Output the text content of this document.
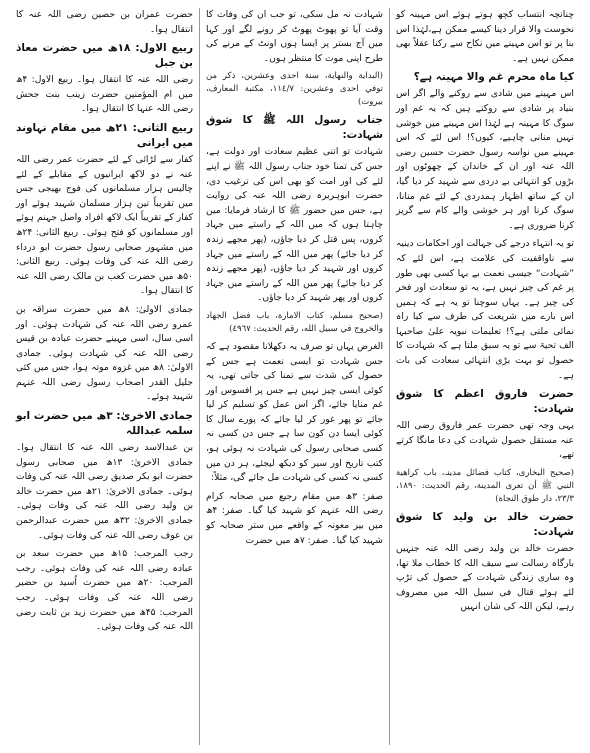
چنانچہ انتساب کچھ ہوتے ہوئے اس مہینہ کو نحوست والا قرار دینا کیسے ممکن ہے،لہٰذا اس بنا پر تو اس مہینے میں نکاح سے رکنا عقلاً بھی ممکن نہیں ہے۔

کیا ماہ محرم غم والا مہینہ ہے؟

اس مہینے میں شادی سے روکنے والے اگر اس بنیاد پر شادی سے روکتے ہیں کہ یہ غم اور سوگ کا مہینہ ہے لہٰذا اس مہینے میں خوشی نہیں منانی چاہیے، کیوں؟! اس لئے کہ اس مہینے میں نواسہ رسول حضرت حسین رضی اللہ عنہ اور ان کے خاندان کے چھوٹوں اور بڑوں کو انتہائی بے دردی سے شہید کر دیا گیا، ان کے ساتھ اظہار ہمدردی کے لئے غم منانا، سوگ کرنا اور ہر خوشی والے کام سے گریز کرنا ضروری ہے۔

تو یہ انتہاء درجے کی جہالت اور احکامات دینیہ سے ناواقفیت کی علامت ہے، اس لئے کہ ”شہادت“ جیسی نعمت بے بہا کسی بھی طور پر غم کی چیز نہیں ہے، یہ تو سعادت اور فخر کی چیز ہے۔ یہاں سوچنا تو یہ ہے کہ ہمیں اس بارے میں شریعت کی طرف سے کیا راہ نمائی ملتی ہے؟! تعلیمات نبویہ علیٰ صاحبہا الف تحیۃ سے تو یہ سبق ملتا ہے کہ شہادت کا حصول تو بہت بڑی انتہائی سعادت کی بات ہے۔

حضرت فاروق اعظم کا شوق شہادت:

یہی وجہ تھی حضرت عمر فاروق رضی اللہ عنہ مستقل حصول شہادت کی دعا مانگا کرتے تھے،

(صحیح البخاری، کتاب فضائل مدینہ، باب کراهیة النبي ﷺ أن تعرى المدينة، رقم الحديث: ١٨٩٠، ٢٣/٣، دار طوق النجاة)

حضرت خالد بن ولید کا شوق شہادت:

حضرت خالد بن ولید رضی اللہ عنہ جنہیں بارگاہ رسالت سے سیف اللہ کا خطاب ملا تھا، وہ ساری زندگی شہادت کے حصول کی تڑپ لئے ہوئے قتال فی سبیل اللہ میں مصروف رہے، لیکن اللہ کی شان انہیں

شہادت نہ مل سکی، تو جب ان کی وفات کا وقت آیا تو پھوٹ پھوٹ کر رونے لگے اور کہا میں آج بستر پر ایسا ہوں اونٹ کے مرنے کی طرح اپنی موت کا منتظر ہوں۔

(البداية والنهاية، سنة احدى وعشرين، ذكر من توفي احدى وعشرين: ١١٤/٧، مكتبة المعارف، بيروت)

جناب رسول اللہ ﷺ کا شوق شہادت:

شہادت تو اتنی عظیم سعادت اور دولت ہے، جس کی تمنا خود جناب رسول اللہ ﷺ نے اپنے لئے کی اور امت کو بھی اس کی ترغیب دی، حضرت ابوہریرہ رضی اللہ عنہ کی روایت ہے، جس میں حضور ﷺ کا ارشاد فرمایا: میں چاہتا ہوں کہ میں اللہ کے راستے میں جہاد کروں، پس قتل کر دیا جاؤں، (پھر مجھے زندہ کر دیا جائے) پھر میں اللہ کے راستے میں جہاد کروں اور شہید کر دیا جاؤں، (پھر مجھے زندہ کر دیا جائے) پھر میں اللہ کے راستے میں جہاد کروں اور پھر شہید کر دیا جاؤں۔

(صحیح مسلم، کتاب الامارة، باب فضل الجهاد والخروج في سبيل الله، رقم الحديث: ٤٩٦٧)

الغرض یہاں تو صرف یہ دکھلانا مقصود ہے کہ جس شہادت تو ایسی نعمت ہے جس کے حصول کی شدت سے تمنا کی جاتی تھی، یہ کوئی ایسی چیز نہیں ہے جس پر افسوس اور غم منایا جائے، اگر اس عمل کو تسلیم کر لیا جائے تو پھر غور کر لیا جائے کہ پورے سال کا کوئی ایسا دن کون سا ہے جس دن کسی نہ کسی صحابی رسول کی شہادت نہ ہوئی ہو، کتب تاریخ اور سیر کو دیکھ لیجئے، ہر دن میں کسی نہ کسی کی شہادت مل جائے گی، مثلاً:

صفر: ۳ھ میں مقام رجیع میں صحابہ کرام رضی اللہ عنہم کو شہید کیا گیا۔ صفر: ۴ھ میں بیر معونہ کے واقعے میں ستر صحابہ کو شہید کیا گیا۔ صفر: ۷ھ میں حضرت

حضرت عمران بن حصین رضی اللہ عنہ کا انتقال ہوا۔

ربیع الاول: ۱۸ھ میں حضرت معاذ بن جبل

رضی اللہ عنہ کا انتقال ہوا۔ ربیع الاول: ۴ھ میں ام المؤمنین حضرت زینب بنت جحش رضی اللہ عنہا کا انتقال ہوا۔

ربیع الثانی: ۲۱ھ میں مقام نہاوند میں ایرانی

کفار سے لڑائی کے لئے حضرت عمر رضی اللہ عنہ نے دو لاکھ ایرانیوں کے مقابلے کے لئے چالیس ہزار مسلمانوں کی فوج بھیجی جس میں تقریباً تین ہزار مسلمان شہید ہوئے اور کفار کے تقریباً ایک لاکھ افراد واصل جہنم ہوئے اور مسلمانوں کو فتح ہوئی۔ ربیع الثانی: ۲۴ھ میں مشہور صحابی رسول حضرت ابو درداء رضی اللہ عنہ کی وفات ہوئی۔ ربیع الثانی: ۵۰ھ میں حضرت کعب بن مالک رضی اللہ عنہ کا انتقال ہوا۔

جمادی الاولیٰ: ۸ھ میں حضرت سراقہ بن عمرو رضی اللہ عنہ کی شہادت ہوئی۔ اور اسی سال، اسی مہینے حضرت عبادہ بن قیس رضی اللہ عنہ کی شہادت ہوئی۔ جمادی الاولیٰ: ۸ھ میں غزوہ موتہ ہوا، جس میں کئی جلیل القدر اصحاب رسول رضی اللہ عنہم شہید ہوئے۔

جمادی الاخریٰ: ۳ھ میں حضرت ابو سلمہ عبداللہ

بن عبدالاسد رضی اللہ عنہ کا انتقال ہوا۔ جمادی الاخریٰ: ۱۳ھ میں صحابی رسول حضرت ابو بکر صدیق رضی اللہ عنہ کی وفات ہوئی۔ جمادی الاخریٰ: ۲۱ھ میں حضرت خالد بن ولید رضی اللہ عنہ کی وفات ہوئی۔ جمادی الاخریٰ: ۳۲ھ میں حضرت عبدالرحمن بن عوف رضی اللہ عنہ کی وفات ہوئی۔

رجب المرجب: ۱۵ھ میں حضرت سعد بن عبادہ رضی اللہ عنہ کی وفات ہوئی۔ رجب المرجب: ۲۰ھ میں حضرت اُسید بن حضیر رضی اللہ عنہ کی وفات ہوئی۔ رجب المرجب: ۴۵ھ میں حضرت زید بن ثابت رضی اللہ عنہ کی وفات ہوئی۔
